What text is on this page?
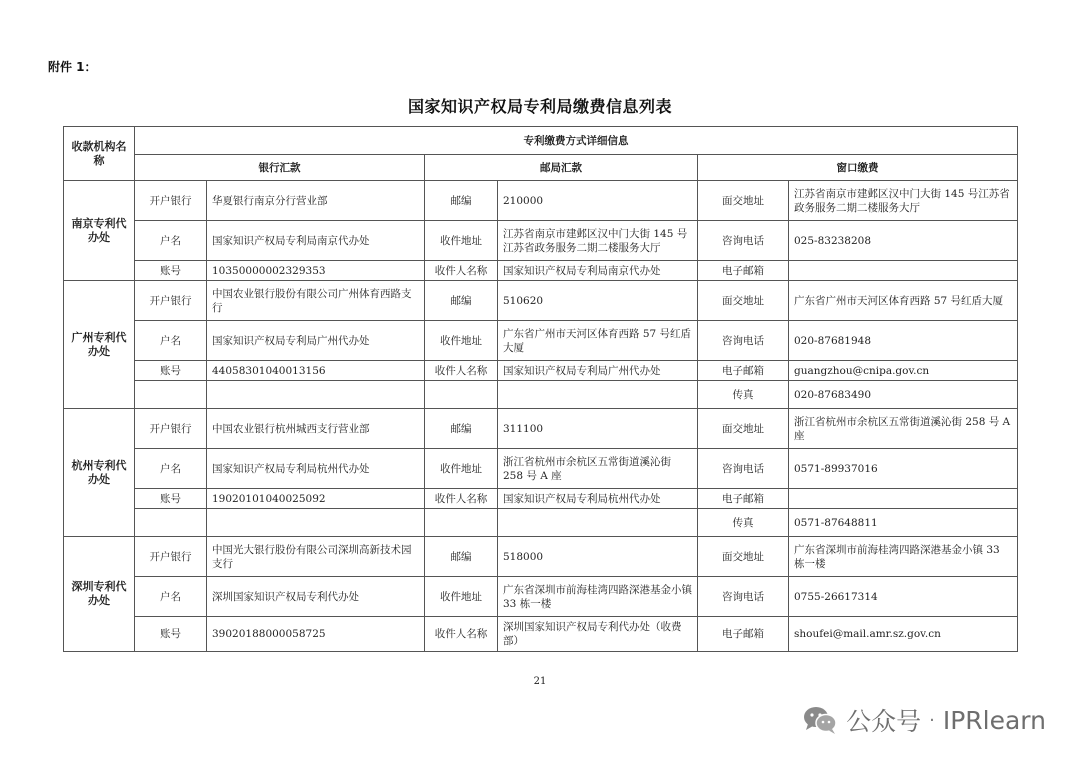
附件 1：
国家知识产权局专利局缴费信息列表
收款机构名称	专利缴费方式详细信息					
	银行汇款		邮局汇款		窗口缴费	
南京专利代办处	开户银行	华夏银行南京分行营业部	邮编	210000	面交地址	江苏省南京市建邺区汉中门大街 145 号江苏省政务服务二期二楼服务大厅
	户名	国家知识产权局专利局南京代办处	收件地址	江苏省南京市建邺区汉中门大街 145 号江苏省政务服务二期二楼服务大厅	咨询电话	025-83238208
	账号	10350000002329353	收件人名称	国家知识产权局专利局南京代办处	电子邮箱	
广州专利代办处	开户银行	中国农业银行股份有限公司广州体育西路支行	邮编	510620	面交地址	广东省广州市天河区体育西路 57 号红盾大厦
	户名	国家知识产权局专利局广州代办处	收件地址	广东省广州市天河区体育西路 57 号红盾大厦	咨询电话	020-87681948
	账号	44058301040013156	收件人名称	国家知识产权局专利局广州代办处	电子邮箱	guangzhou@cnipa.gov.cn
					传真	020-87683490
杭州专利代办处	开户银行	中国农业银行杭州城西支行营业部	邮编	311100	面交地址	浙江省杭州市余杭区五常街道溪沁街 258 号 A 座
	户名	国家知识产权局专利局杭州代办处	收件地址	浙江省杭州市余杭区五常街道溪沁街 258 号 A 座	咨询电话	0571-89937016
	账号	19020101040025092	收件人名称	国家知识产权局专利局杭州代办处	电子邮箱	
					传真	0571-87648811
深圳专利代办处	开户银行	中国光大银行股份有限公司深圳高新技术园支行	邮编	518000	面交地址	广东省深圳市前海桂湾四路深港基金小镇 33 栋一楼
	户名	深圳国家知识产权局专利代办处	收件地址	广东省深圳市前海桂湾四路深港基金小镇 33 栋一楼	咨询电话	0755-26617314
	账号	39020188000058725	收件人名称	深圳国家知识产权局专利代办处（收费部）	电子邮箱	shoufei@mail.amr.sz.gov.cn
21
公众号 · IPRlearn
